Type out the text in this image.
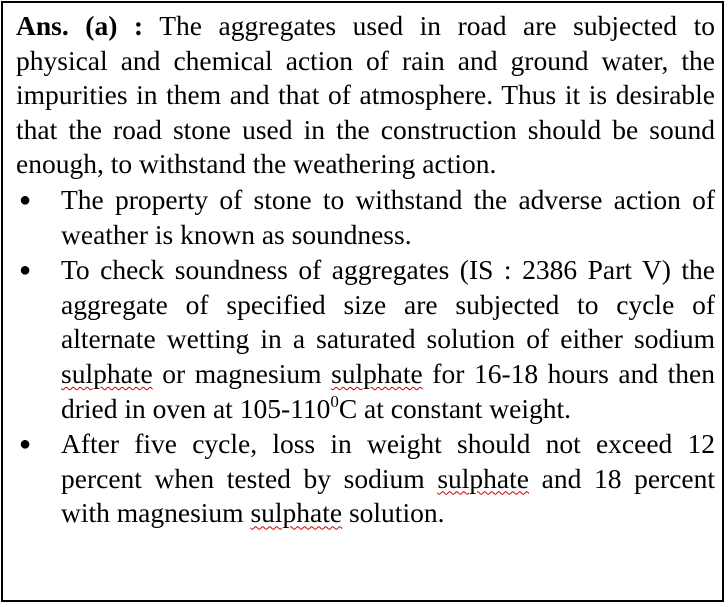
Ans. (a) : The aggregates used in road are subjected to physical and chemical action of rain and ground water, the impurities in them and that of atmosphere. Thus it is desirable that the road stone used in the construction should be sound enough, to withstand the weathering action.

● The property of stone to withstand the adverse action of weather is known as soundness.
● To check soundness of aggregates (IS : 2386 Part V) the aggregate of specified size are subjected to cycle of alternate wetting in a saturated solution of either sodium sulphate or magnesium sulphate for 16-18 hours and then dried in oven at $105-110^0C$ at constant weight.
● After five cycle, loss in weight should not exceed 12 percent when tested by sodium sulphate and 18 percent with magnesium sulphate solution.
